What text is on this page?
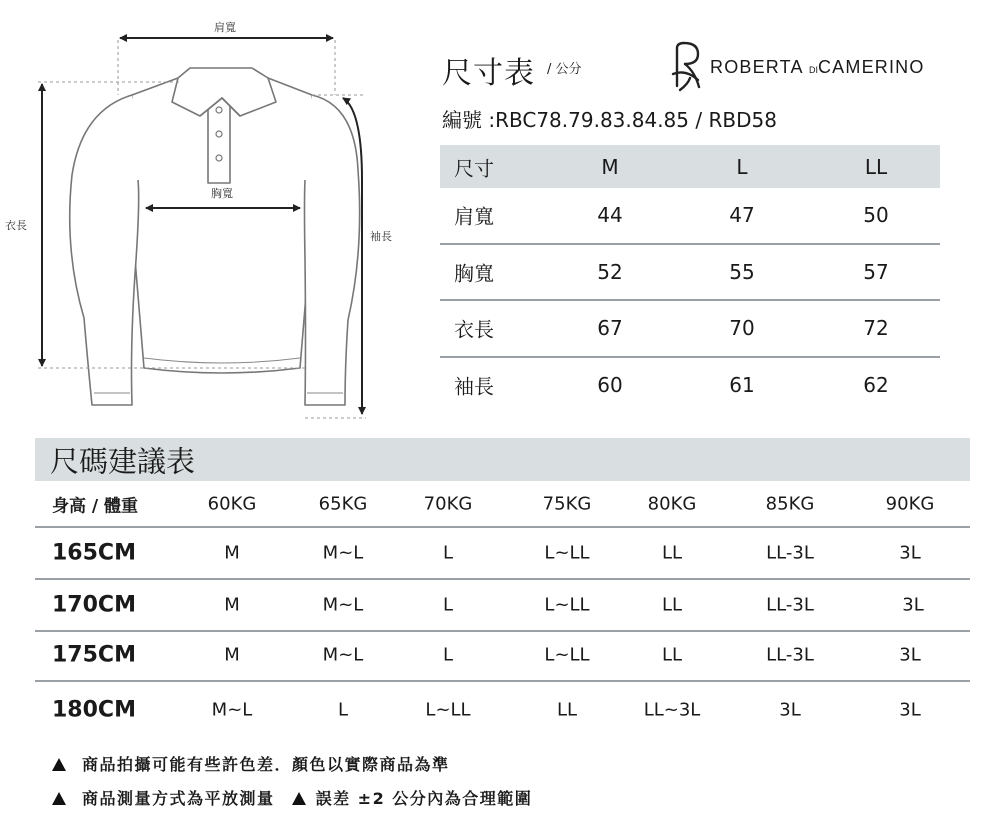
肩寬
胸寬
衣長
袖長
尺寸表 / 公分	ROBERTA DICAMERINO
編號 :RBC78.79.83.84.85 / RBD58
尺寸	M	L	LL
肩寬	44	47	50
胸寬	52	55	57
衣長	67	70	72
袖長	60	61	62
尺碼建議表
身高 / 體重	60KG	65KG	70KG	75KG	80KG	85KG	90KG
165CM	M	M~L	L	L~LL	LL	LL-3L	3L
170CM	M	M~L	L	L~LL	LL	LL-3L	3L
175CM	M	M~L	L	L~LL	LL	LL-3L	3L
180CM	M~L	L	L~LL	LL	LL~3L	3L	3L
商品拍攝可能有些許色差．顏色以實際商品為準
商品測量方式為平放測量	誤差 ±2 公分內為合理範圍
